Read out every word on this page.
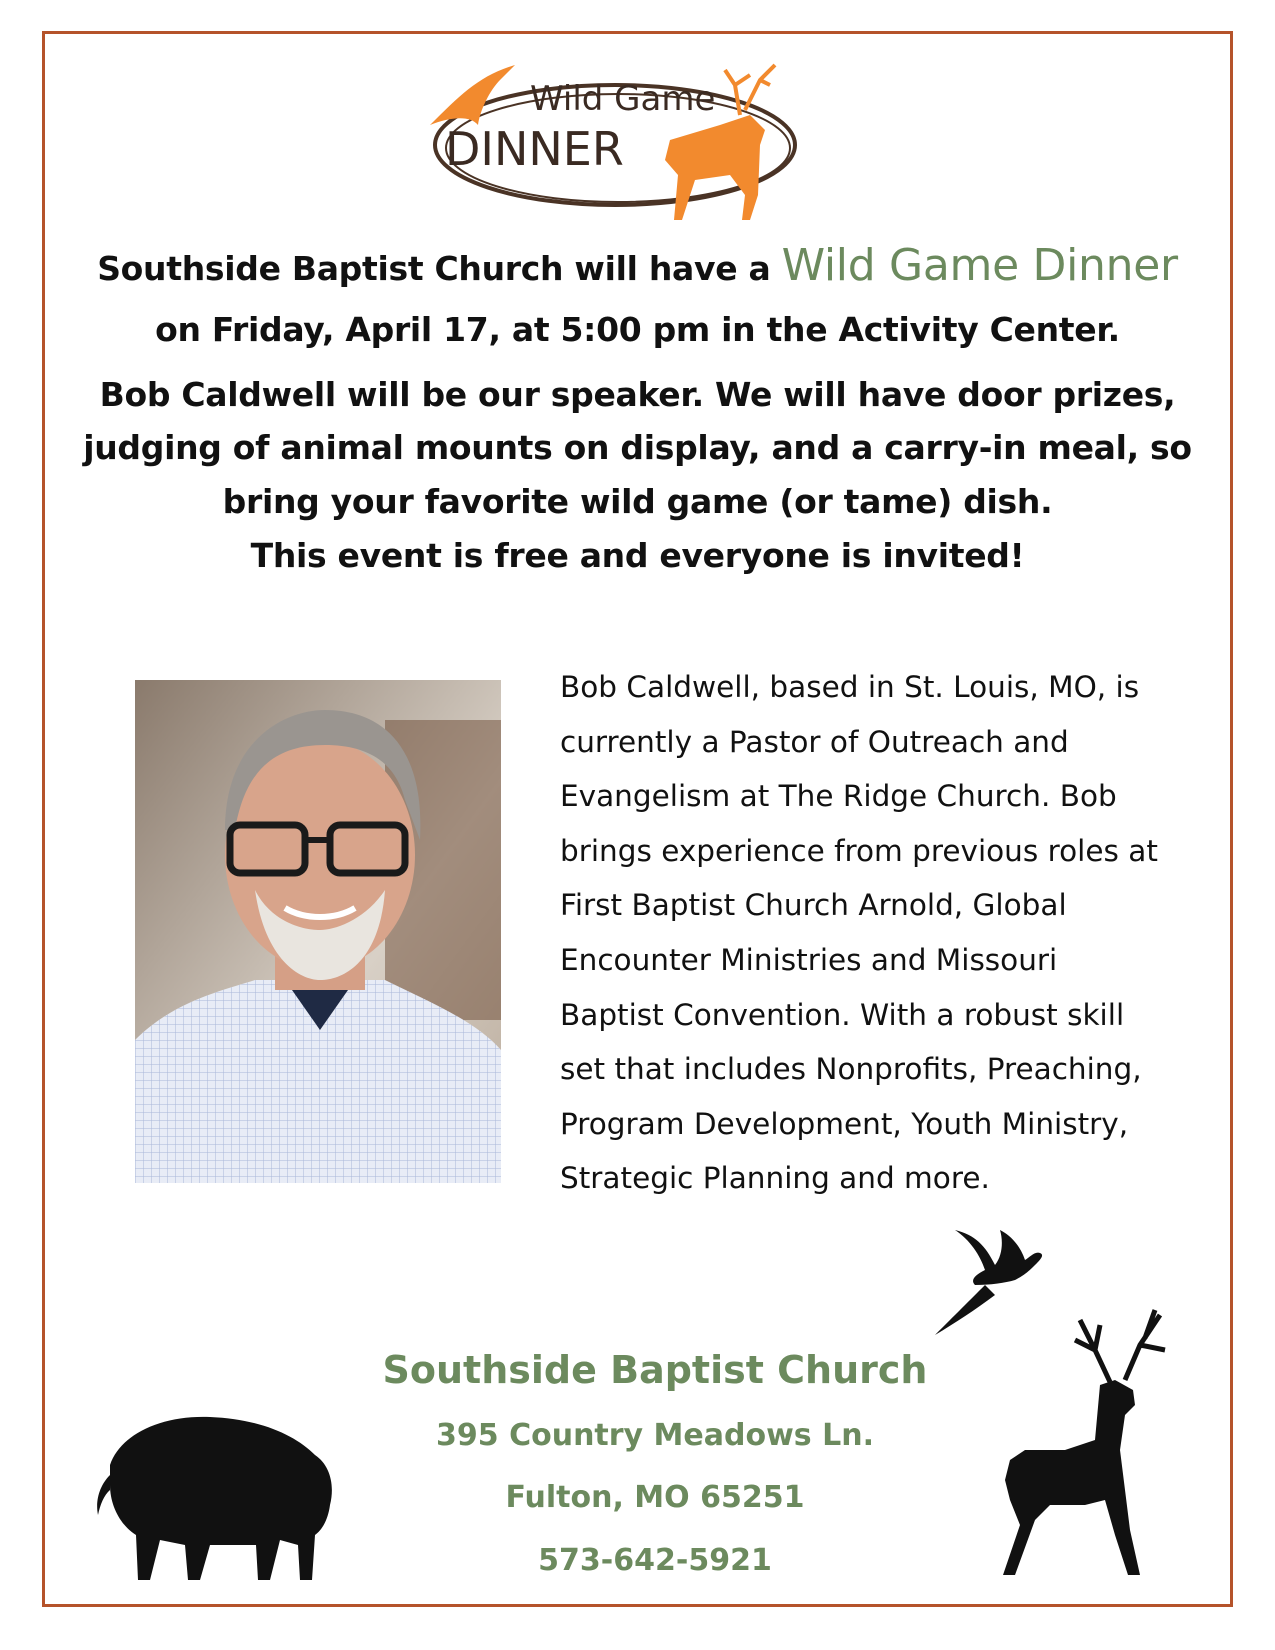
Wild Game
DINNER
Southside Baptist Church will have a Wild Game Dinner
on Friday, April 17, at 5:00 pm in the Activity Center.
Bob Caldwell will be our speaker. We will have door prizes,
judging of animal mounts on display, and a carry-in meal, so
bring your favorite wild game (or tame) dish.
This event is free and everyone is invited!
Bob Caldwell, based in St. Louis, MO, is
currently a Pastor of Outreach and
Evangelism at The Ridge Church. Bob
brings experience from previous roles at
First Baptist Church Arnold, Global
Encounter Ministries and Missouri
Baptist Convention. With a robust skill
set that includes Nonprofits, Preaching,
Program Development, Youth Ministry,
Strategic Planning and more.
Southside Baptist Church
395 Country Meadows Ln.
Fulton, MO 65251
573-642-5921
